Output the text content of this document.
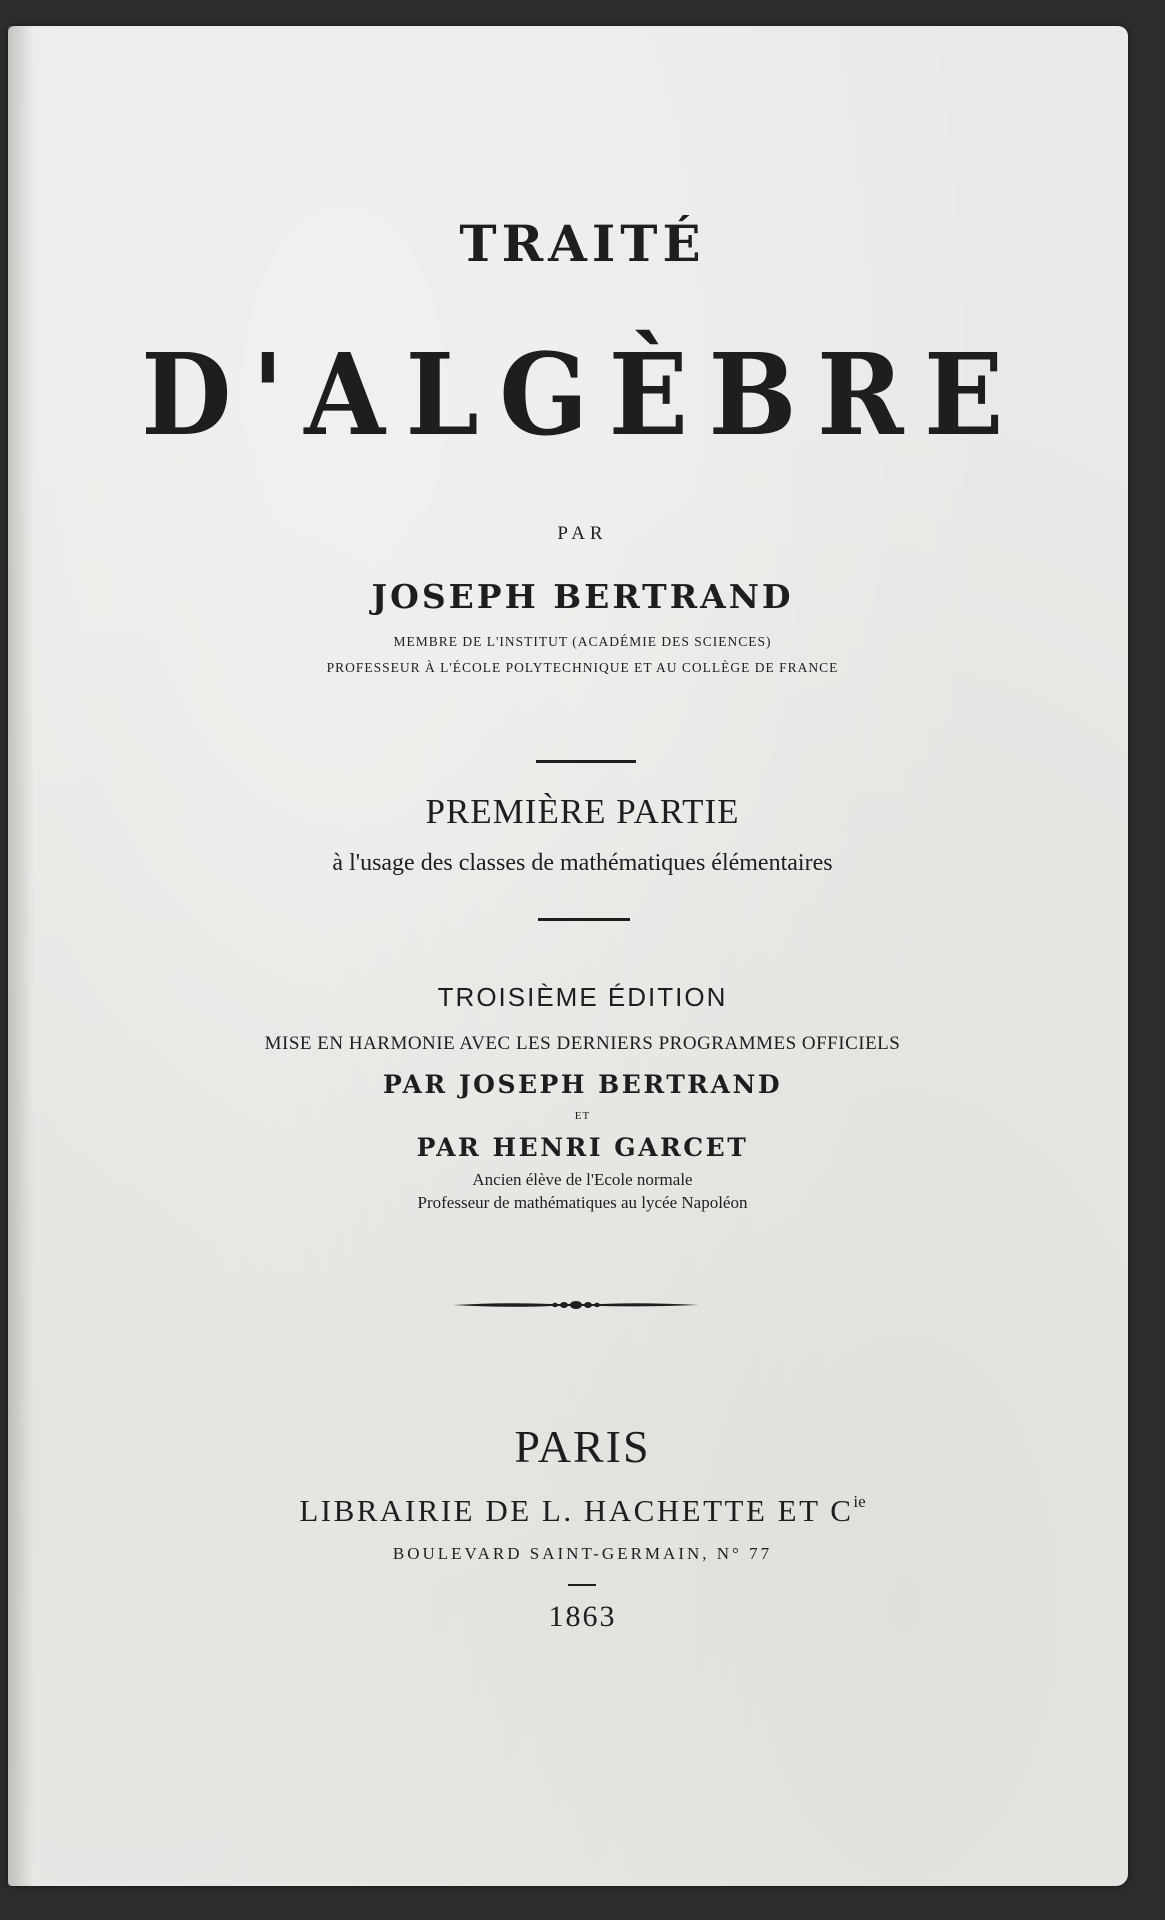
TRAITÉ
D'ALGÈBRE
PAR
JOSEPH BERTRAND
MEMBRE DE L'INSTITUT (ACADÉMIE DES SCIENCES)
PROFESSEUR À L'ÉCOLE POLYTECHNIQUE ET AU COLLÈGE DE FRANCE
PREMIÈRE PARTIE
à l'usage des classes de mathématiques élémentaires
TROISIÈME ÉDITION
MISE EN HARMONIE AVEC LES DERNIERS PROGRAMMES OFFICIELS
PAR JOSEPH BERTRAND
ET
PAR HENRI GARCET
Ancien élève de l'Ecole normale
Professeur de mathématiques au lycée Napoléon
PARIS
LIBRAIRIE DE L. HACHETTE ET $C^{ie}$
BOULEVARD SAINT-GERMAIN, N° 77
1863
